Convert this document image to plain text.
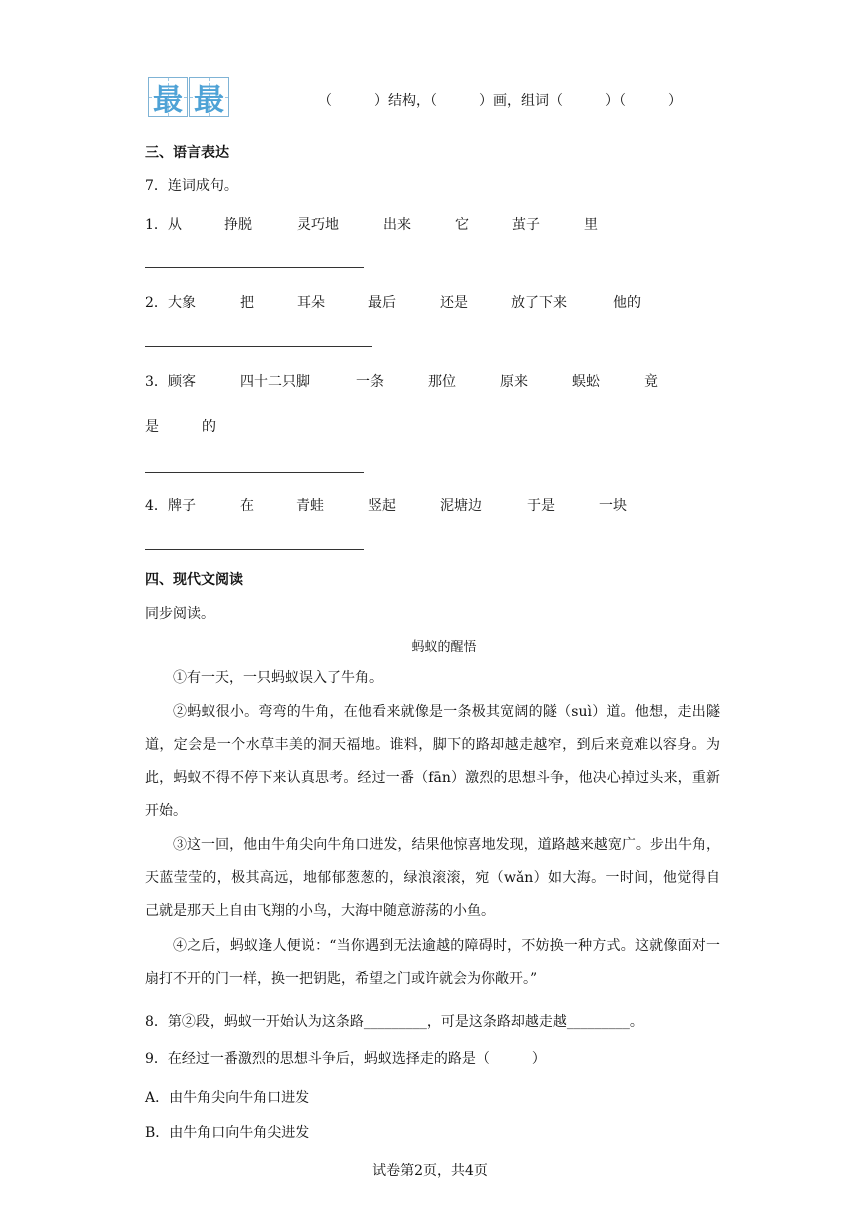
最 最	（　　　）结构，（　　　）画，组词（　　　）（　　　）
三、语言表达
7．连词成句。
1． 从	挣脱	灵巧地	出来	它	茧子	里
2． 大象	把	耳朵	最后	还是	放了下来	他的
3． 顾客	四十二只脚	一条	那位	原来	蜈蚣	竟
是	的
4． 牌子	在	青蛙	竖起	泥塘边	于是	一块
四、现代文阅读
同步阅读。
蚂蚁的醒悟
①有一天，一只蚂蚁误入了牛角。
②蚂蚁很小。弯弯的牛角，在他看来就像是一条极其宽阔的隧（suì）道。他想，走出隧道，定会是一个水草丰美的洞天福地。谁料，脚下的路却越走越窄，到后来竟难以容身。为此，蚂蚁不得不停下来认真思考。经过一番（fān）激烈的思想斗争，他决心掉过头来，重新开始。
③这一回，他由牛角尖向牛角口进发，结果他惊喜地发现，道路越来越宽广。步出牛角，天蓝莹莹的，极其高远，地郁郁葱葱的，绿浪滚滚，宛（wǎn）如大海。一时间，他觉得自己就是那天上自由飞翔的小鸟，大海中随意游荡的小鱼。
④之后，蚂蚁逢人便说：“当你遇到无法逾越的障碍时，不妨换一种方式。这就像面对一扇打不开的门一样，换一把钥匙，希望之门或许就会为你敞开。”
8．第②段，蚂蚁一开始认为这条路_________，可是这条路却越走越_________。
9．在经过一番激烈的思想斗争后，蚂蚁选择走的路是（　　　）
A．由牛角尖向牛角口进发
B．由牛角口向牛角尖进发
试卷第2页，共4页
